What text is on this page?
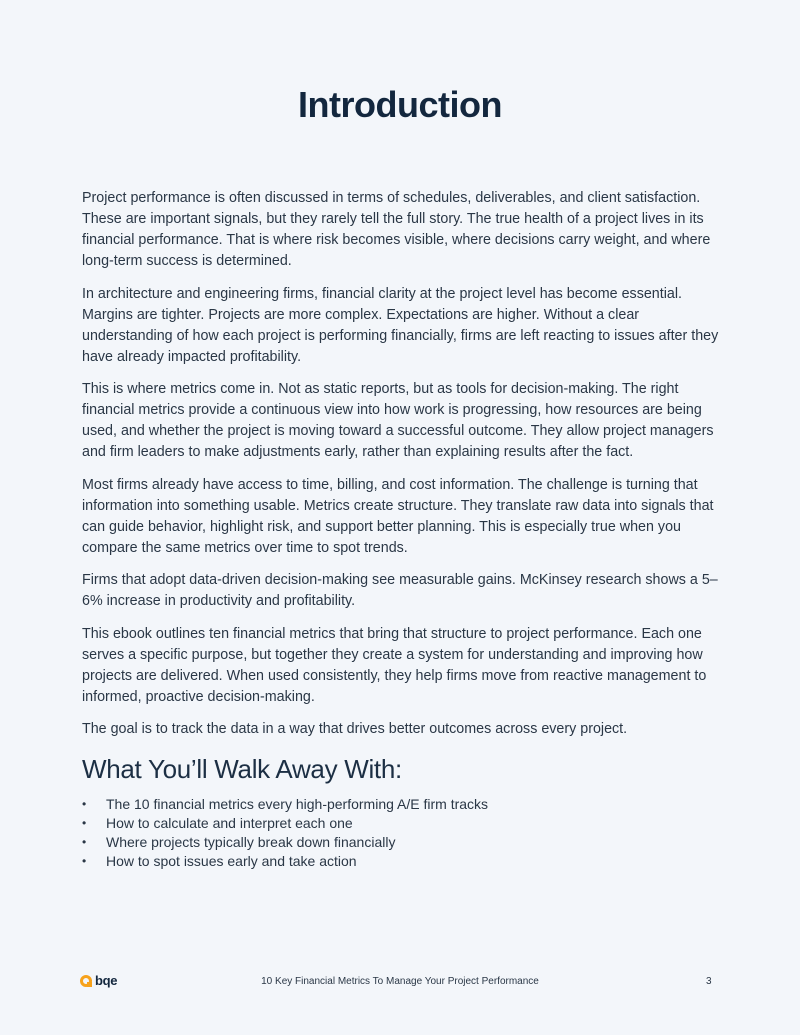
Introduction

Project performance is often discussed in terms of schedules, deliverables, and client satisfaction. These are important signals, but they rarely tell the full story. The true health of a project lives in its financial performance. That is where risk becomes visible, where decisions carry weight, and where long-term success is determined.

In architecture and engineering firms, financial clarity at the project level has become essential. Margins are tighter. Projects are more complex. Expectations are higher. Without a clear understanding of how each project is performing financially, firms are left reacting to issues after they have already impacted profitability.

This is where metrics come in. Not as static reports, but as tools for decision-making. The right financial metrics provide a continuous view into how work is progressing, how resources are being used, and whether the project is moving toward a successful outcome. They allow project managers and firm leaders to make adjustments early, rather than explaining results after the fact.

Most firms already have access to time, billing, and cost information. The challenge is turning that information into something usable. Metrics create structure. They translate raw data into signals that can guide behavior, highlight risk, and support better planning. This is especially true when you compare the same metrics over time to spot trends.

Firms that adopt data-driven decision-making see measurable gains. McKinsey research shows a 5–6% increase in productivity and profitability.

This ebook outlines ten financial metrics that bring that structure to project performance. Each one serves a specific purpose, but together they create a system for understanding and improving how projects are delivered. When used consistently, they help firms move from reactive management to informed, proactive decision-making.

The goal is to track the data in a way that drives better outcomes across every project.

What You’ll Walk Away With:
• The 10 financial metrics every high-performing A/E firm tracks
• How to calculate and interpret each one
• Where projects typically break down financially
• How to spot issues early and take action
bqe	10 Key Financial Metrics To Manage Your Project Performance	3
